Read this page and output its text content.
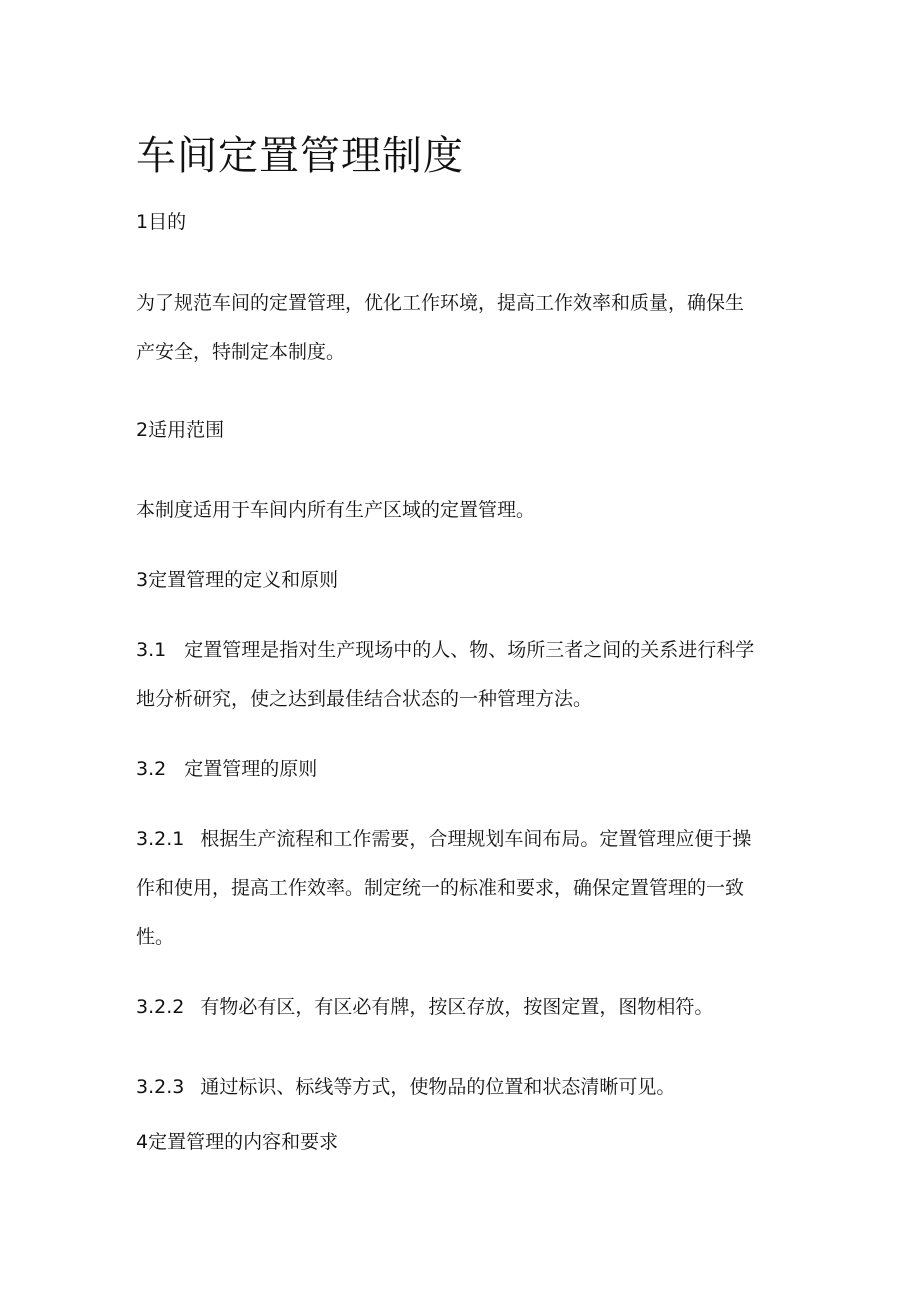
车间定置管理制度

1目的

为了规范车间的定置管理，优化工作环境，提高工作效率和质量，确保生
产安全，特制定本制度。

2适用范围

本制度适用于车间内所有生产区域的定置管理。

3定置管理的定义和原则

3.1 定置管理是指对生产现场中的人、物、场所三者之间的关系进行科学
地分析研究，使之达到最佳结合状态的一种管理方法。

3.2 定置管理的原则

3.2.1 根据生产流程和工作需要，合理规划车间布局。定置管理应便于操
作和使用，提高工作效率。制定统一的标准和要求，确保定置管理的一致
性。

3.2.2 有物必有区，有区必有牌，按区存放，按图定置，图物相符。

3.2.3 通过标识、标线等方式，使物品的位置和状态清晰可见。

4定置管理的内容和要求
